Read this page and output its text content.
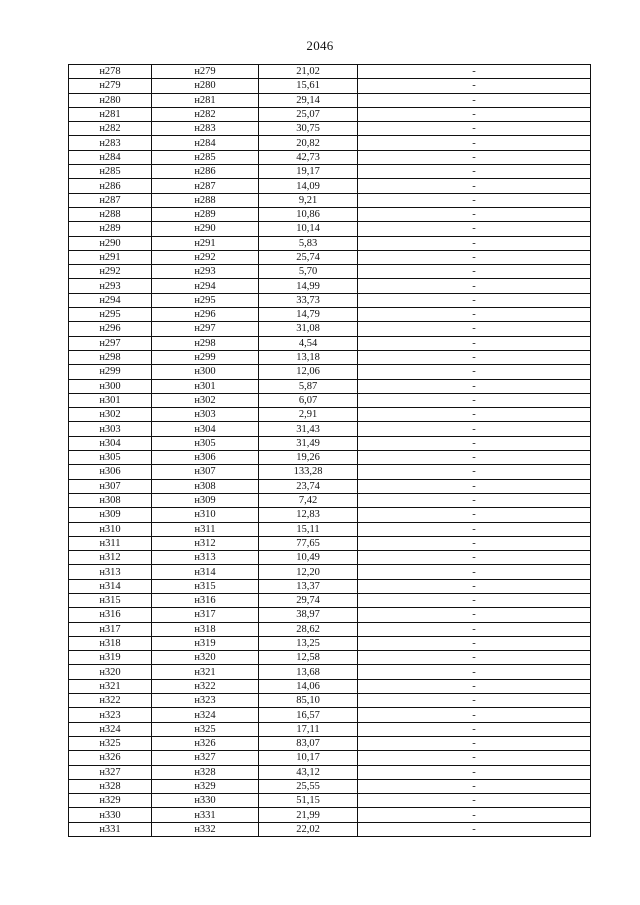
2046
н278	н279	21,02	-
н279	н280	15,61	-
н280	н281	29,14	-
н281	н282	25,07	-
н282	н283	30,75	-
н283	н284	20,82	-
н284	н285	42,73	-
н285	н286	19,17	-
н286	н287	14,09	-
н287	н288	9,21	-
н288	н289	10,86	-
н289	н290	10,14	-
н290	н291	5,83	-
н291	н292	25,74	-
н292	н293	5,70	-
н293	н294	14,99	-
н294	н295	33,73	-
н295	н296	14,79	-
н296	н297	31,08	-
н297	н298	4,54	-
н298	н299	13,18	-
н299	н300	12,06	-
н300	н301	5,87	-
н301	н302	6,07	-
н302	н303	2,91	-
н303	н304	31,43	-
н304	н305	31,49	-
н305	н306	19,26	-
н306	н307	133,28	-
н307	н308	23,74	-
н308	н309	7,42	-
н309	н310	12,83	-
н310	н311	15,11	-
н311	н312	77,65	-
н312	н313	10,49	-
н313	н314	12,20	-
н314	н315	13,37	-
н315	н316	29,74	-
н316	н317	38,97	-
н317	н318	28,62	-
н318	н319	13,25	-
н319	н320	12,58	-
н320	н321	13,68	-
н321	н322	14,06	-
н322	н323	85,10	-
н323	н324	16,57	-
н324	н325	17,11	-
н325	н326	83,07	-
н326	н327	10,17	-
н327	н328	43,12	-
н328	н329	25,55	-
н329	н330	51,15	-
н330	н331	21,99	-
н331	н332	22,02	-
